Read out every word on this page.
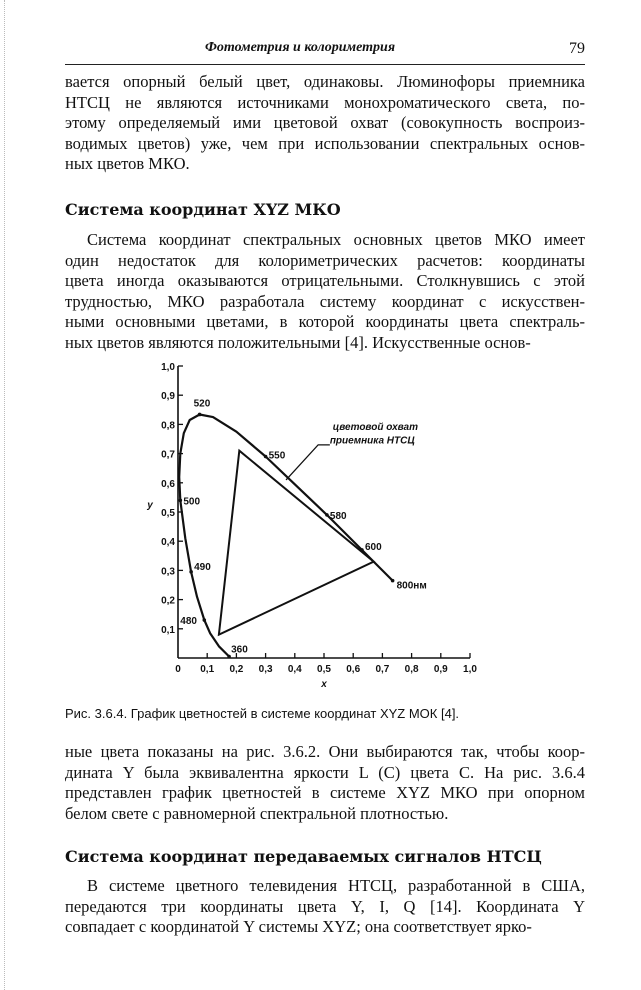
Фотометрия и колориметрия	79
вается опорный белый цвет, одинаковы. Люминофоры приемника
НТСЦ не являются источниками монохроматического света, по-
этому определяемый ими цветовой охват (совокупность воспроиз-
водимых цветов) уже, чем при использовании спектральных основ-
ных цветов МКО.
Система координат XYZ МКО
Система координат спектральных основных цветов МКО имеет
один недостаток для колориметрических расчетов: координаты
цвета иногда оказываются отрицательными. Столкнувшись с этой
трудностью, МКО разработала систему координат с искусствен-
ными основными цветами, в которой координаты цвета спектраль-
ных цветов являются положительными [4]. Искусственные основ-
0 0,1 0,2 0,3 0,4 0,5 0,6 0,7 0,8 0,9 1,0
0,1
0,2
0,3
0,4
0,5
0,6
0,7
0,8
0,9
1,0
x
y
360
480
490
500
520
550
580
600
800нм
цветовой охват
приемника НТСЦ
Рис. 3.6.4. График цветностей в системе координат XYZ МОК [4].
ные цвета показаны на рис. 3.6.2. Они выбираются так, чтобы коор-
дината Y была эквивалентна яркости L (C) цвета C. На рис. 3.6.4
представлен график цветностей в системе XYZ МКО при опорном
белом свете с равномерной спектральной плотностью.
Система координат передаваемых сигналов НТСЦ
В системе цветного телевидения НТСЦ, разработанной в США,
передаются три координаты цвета Y, I, Q [14]. Координата Y
совпадает с координатой Y системы XYZ; она соответствует ярко-
